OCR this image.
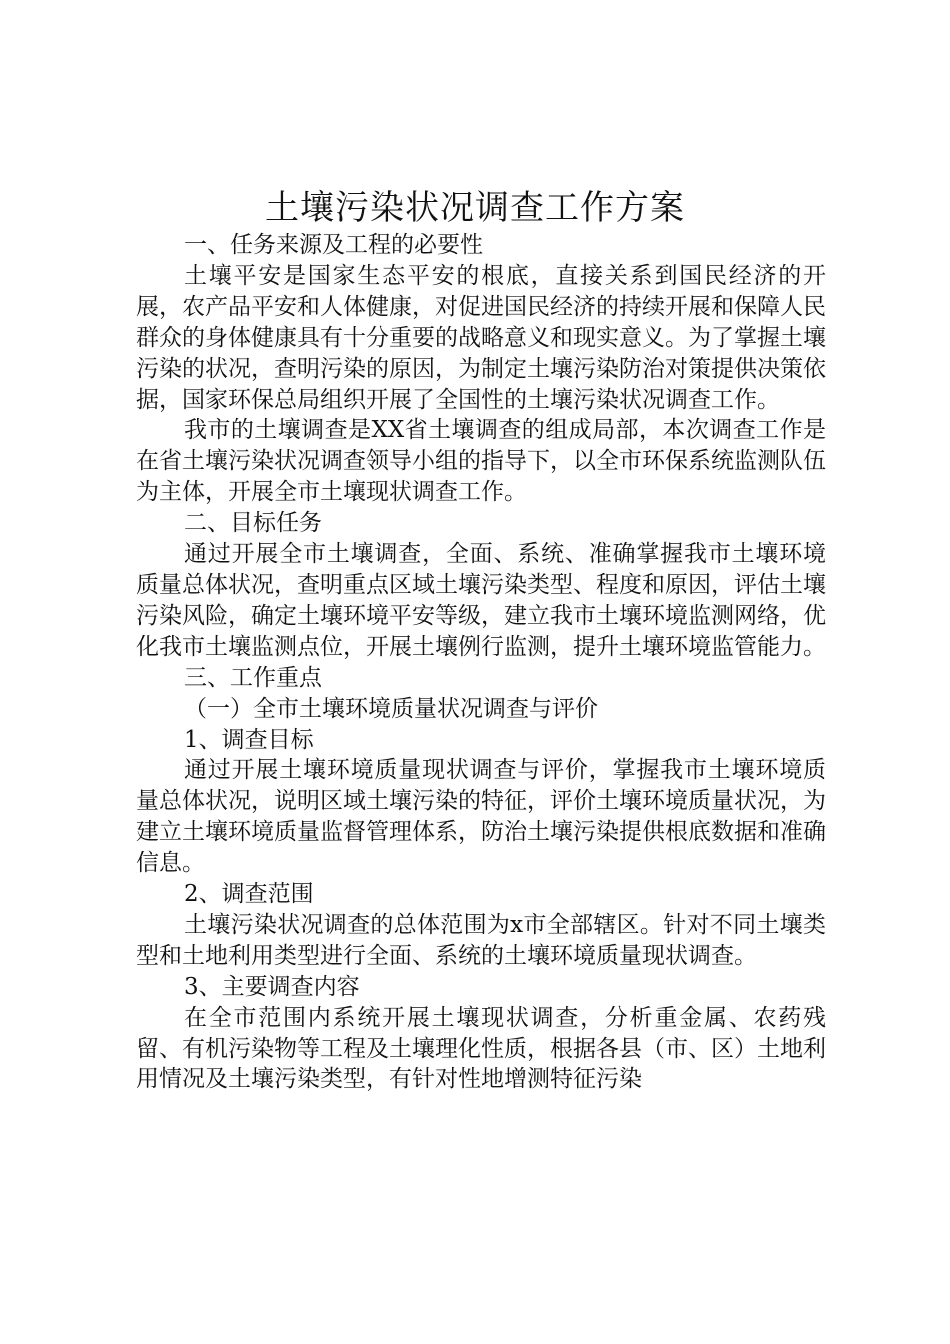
土壤污染状况调查工作方案

一、任务来源及工程的必要性

土壤平安是国家生态平安的根底，直接关系到国民经济的开展，农产品平安和人体健康，对促进国民经济的持续开展和保障人民群众的身体健康具有十分重要的战略意义和现实意义。为了掌握土壤污染的状况，查明污染的原因，为制定土壤污染防治对策提供决策依据，国家环保总局组织开展了全国性的土壤污染状况调查工作。

我市的土壤调查是XX省土壤调查的组成局部，本次调查工作是在省土壤污染状况调查领导小组的指导下，以全市环保系统监测队伍为主体，开展全市土壤现状调查工作。

二、目标任务

通过开展全市土壤调查，全面、系统、准确掌握我市土壤环境质量总体状况，查明重点区域土壤污染类型、程度和原因，评估土壤污染风险，确定土壤环境平安等级，建立我市土壤环境监测网络，优化我市土壤监测点位，开展土壤例行监测，提升土壤环境监管能力。

三、工作重点

（一）全市土壤环境质量状况调查与评价

1、调查目标

通过开展土壤环境质量现状调查与评价，掌握我市土壤环境质量总体状况，说明区域土壤污染的特征，评价土壤环境质量状况，为建立土壤环境质量监督管理体系，防治土壤污染提供根底数据和准确信息。

2、调查范围

土壤污染状况调查的总体范围为x市全部辖区。针对不同土壤类型和土地利用类型进行全面、系统的土壤环境质量现状调查。

3、主要调查内容

在全市范围内系统开展土壤现状调查，分析重金属、农药残留、有机污染物等工程及土壤理化性质，根据各县（市、区）土地利用情况及土壤污染类型，有针对性地增测特征污染
